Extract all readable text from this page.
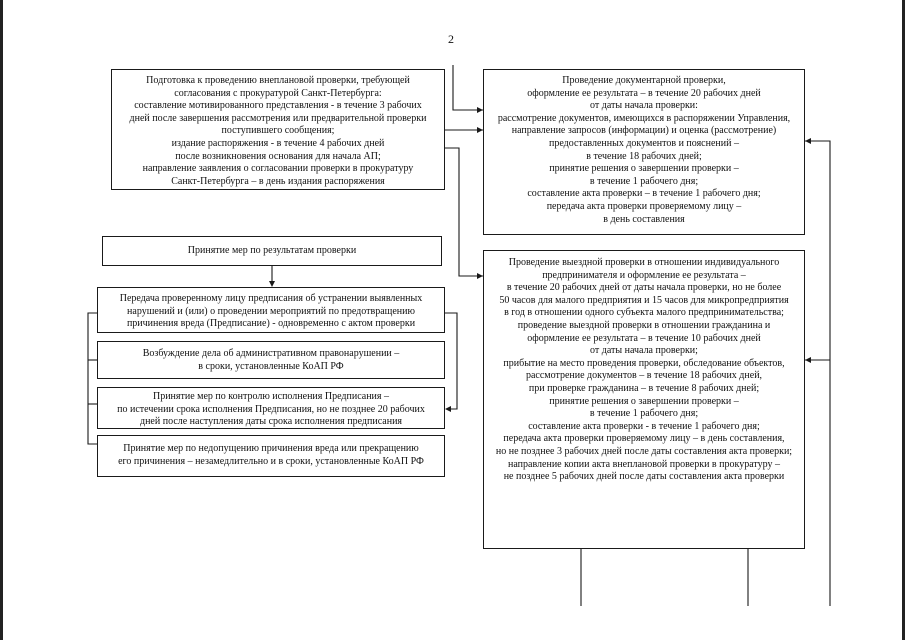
2
Подготовка к проведению внеплановой проверки, требующей
согласования с прокуратурой Санкт-Петербурга:
составление мотивированного представления - в течение 3 рабочих
дней после завершения рассмотрения или предварительной проверки
поступившего сообщения;
издание распоряжения - в течение 4 рабочих дней
после возникновения основания для начала АП;
направление заявления о согласовании проверки в прокуратуру
Санкт-Петербурга – в день издания распоряжения
Принятие мер по результатам проверки
Передача проверенному лицу предписания об устранении выявленных
нарушений и (или) о проведении мероприятий по предотвращению
причинения вреда (Предписание) - одновременно с актом проверки
Возбуждение дела об административном правонарушении –
в сроки, установленные КоАП РФ
Принятие мер по контролю исполнения Предписания –
по истечении срока исполнения Предписания, но не позднее 20 рабочих
дней после наступления даты срока исполнения предписания
Принятие мер по недопущению причинения вреда или прекращению
его причинения – незамедлительно и в сроки, установленные КоАП РФ
Проведение документарной проверки,
оформление ее результата – в течение 20 рабочих дней
от даты начала проверки:
рассмотрение документов, имеющихся в распоряжении Управления,
направление запросов (информации) и оценка (рассмотрение)
предоставленных документов и пояснений –
в течение 18 рабочих дней;
принятие решения о завершении проверки –
в течение 1 рабочего дня;
составление акта проверки – в течение 1 рабочего дня;
передача акта проверки проверяемому лицу –
в день составления
Проведение выездной проверки в отношении индивидуального
предпринимателя и оформление ее результата –
в течение 20 рабочих дней от даты начала проверки, но не более
50 часов для малого предприятия и 15 часов для микропредприятия
в год в отношении одного субъекта малого предпринимательства;
проведение выездной проверки в отношении гражданина и
оформление ее результата – в течение 10 рабочих дней
от даты начала проверки;
прибытие на место проведения проверки, обследование объектов,
рассмотрение документов – в течение 18 рабочих дней,
при проверке гражданина – в течение 8 рабочих дней;
принятие решения о завершении проверки –
в течение 1 рабочего дня;
составление акта проверки - в течение 1 рабочего дня;
передача акта проверки проверяемому лицу – в день составления,
но не позднее 3 рабочих дней после даты составления акта проверки;
направление копии акта внеплановой проверки в прокуратуру –
не позднее 5 рабочих дней после даты составления акта проверки
